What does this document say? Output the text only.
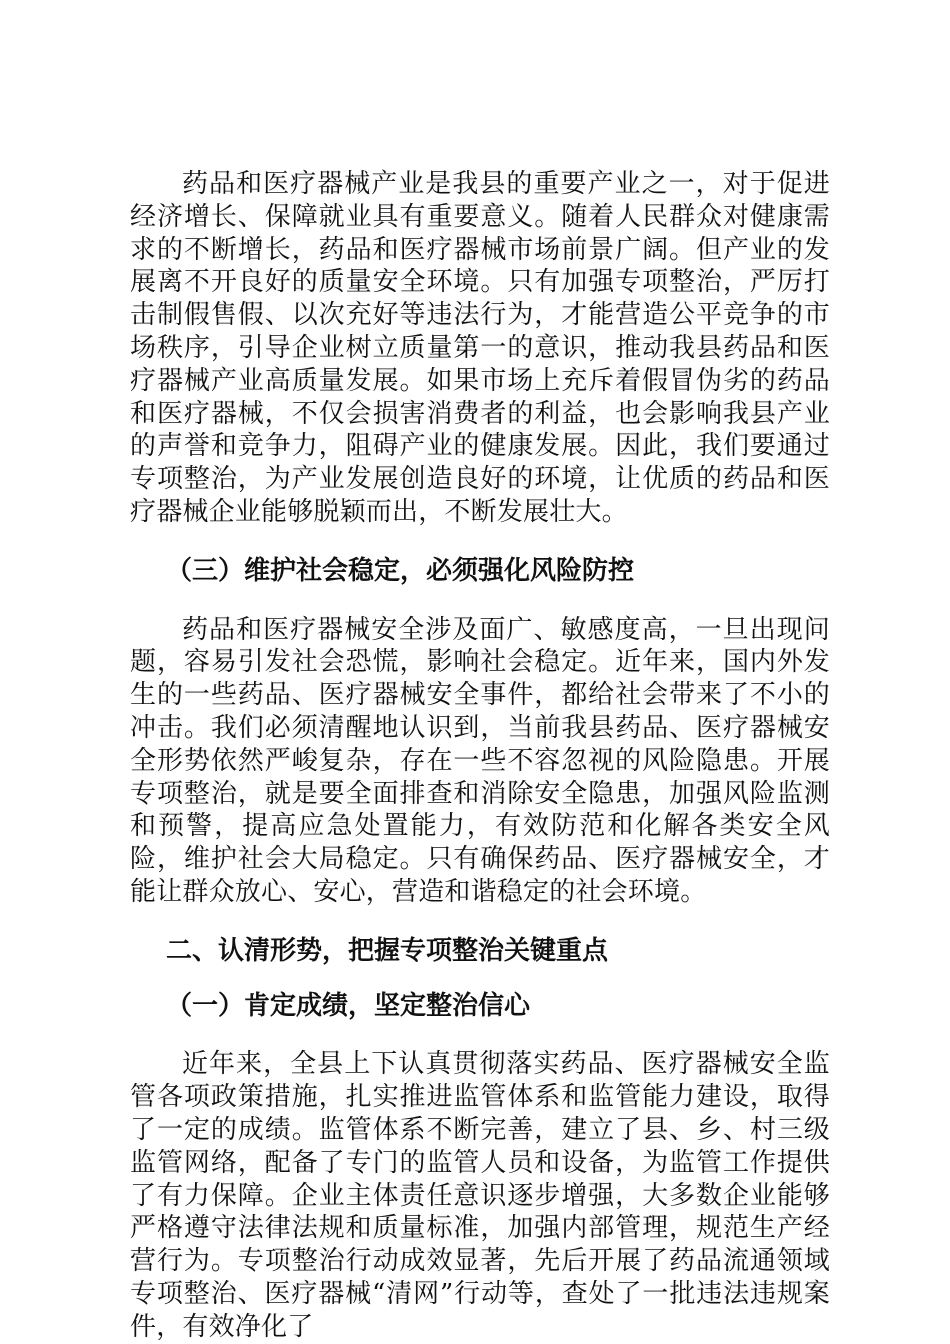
药品和医疗器械产业是我县的重要产业之一，对于促进经济增长、保障就业具有重要意义。随着人民群众对健康需求的不断增长，药品和医疗器械市场前景广阔。但产业的发展离不开良好的质量安全环境。只有加强专项整治，严厉打击制假售假、以次充好等违法行为，才能营造公平竞争的市场秩序，引导企业树立质量第一的意识，推动我县药品和医疗器械产业高质量发展。如果市场上充斥着假冒伪劣的药品和医疗器械，不仅会损害消费者的利益，也会影响我县产业的声誉和竞争力，阻碍产业的健康发展。因此，我们要通过专项整治，为产业发展创造良好的环境，让优质的药品和医疗器械企业能够脱颖而出，不断发展壮大。

（三）维护社会稳定，必须强化风险防控

药品和医疗器械安全涉及面广、敏感度高，一旦出现问题，容易引发社会恐慌，影响社会稳定。近年来，国内外发生的一些药品、医疗器械安全事件，都给社会带来了不小的冲击。我们必须清醒地认识到，当前我县药品、医疗器械安全形势依然严峻复杂，存在一些不容忽视的风险隐患。开展专项整治，就是要全面排查和消除安全隐患，加强风险监测和预警，提高应急处置能力，有效防范和化解各类安全风险，维护社会大局稳定。只有确保药品、医疗器械安全，才能让群众放心、安心，营造和谐稳定的社会环境。

二、认清形势，把握专项整治关键重点

（一）肯定成绩，坚定整治信心

近年来，全县上下认真贯彻落实药品、医疗器械安全监管各项政策措施，扎实推进监管体系和监管能力建设，取得了一定的成绩。监管体系不断完善，建立了县、乡、村三级监管网络，配备了专门的监管人员和设备，为监管工作提供了有力保障。企业主体责任意识逐步增强，大多数企业能够严格遵守法律法规和质量标准，加强内部管理，规范生产经营行为。专项整治行动成效显著，先后开展了药品流通领域专项整治、医疗器械“清网”行动等，查处了一批违法违规案件，有效净化了
